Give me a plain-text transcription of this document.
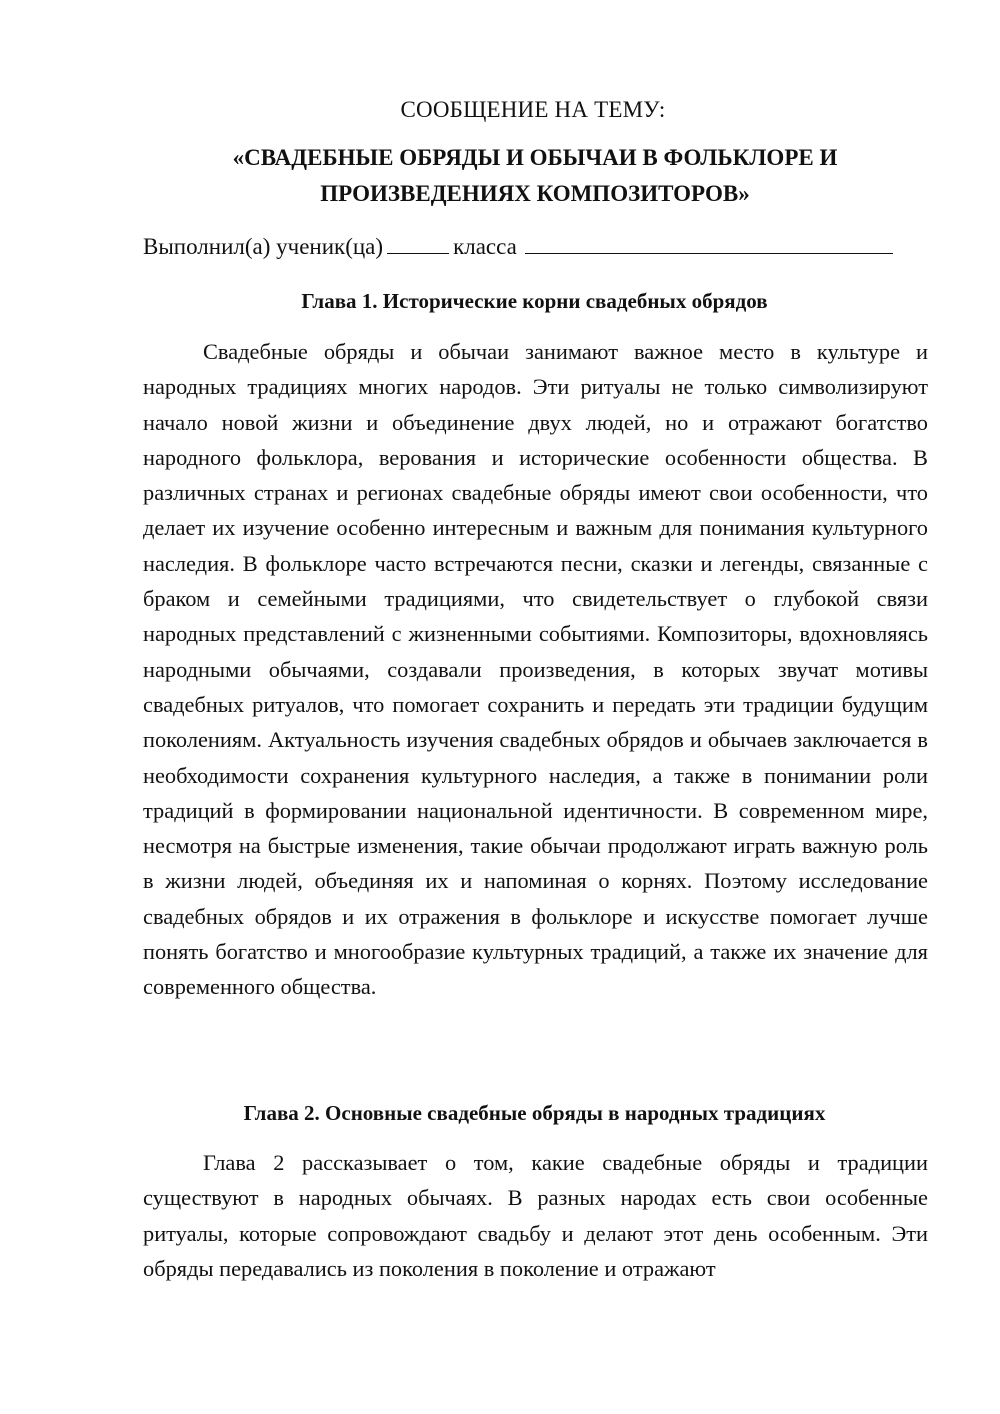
СООБЩЕНИЕ НА ТЕМУ:
«СВАДЕБНЫЕ ОБРЯДЫ И ОБЫЧАИ В ФОЛЬКЛОРЕ И ПРОИЗВЕДЕНИЯХ КОМПОЗИТОРОВ»
Выполнил(а) ученик(ца)	класса
Глава 1. Исторические корни свадебных обрядов

Свадебные обряды и обычаи занимают важное место в культуре и народных традициях многих народов. Эти ритуалы не только символизируют начало новой жизни и объединение двух людей, но и отражают богатство народного фольклора, верования и исторические особенности общества. В различных странах и регионах свадебные обряды имеют свои особенности, что делает их изучение особенно интересным и важным для понимания культурного наследия. В фольклоре часто встречаются песни, сказки и легенды, связанные с браком и семейными традициями, что свидетельствует о глубокой связи народных представлений с жизненными событиями. Композиторы, вдохновляясь народными обычаями, создавали произведения, в которых звучат мотивы свадебных ритуалов, что помогает сохранить и передать эти традиции будущим поколениям. Актуальность изучения свадебных обрядов и обычаев заключается в необходимости сохранения культурного наследия, а также в понимании роли традиций в формировании национальной идентичности. В современном мире, несмотря на быстрые изменения, такие обычаи продолжают играть важную роль в жизни людей, объединяя их и напоминая о корнях. Поэтому исследование свадебных обрядов и их отражения в фольклоре и искусстве помогает лучше понять богатство и многообразие культурных традиций, а также их значение для современного общества.

Глава 2. Основные свадебные обряды в народных традициях

Глава 2 рассказывает о том, какие свадебные обряды и традиции существуют в народных обычаях. В разных народах есть свои особенные ритуалы, которые сопровождают свадьбу и делают этот день особенным. Эти обряды передавались из поколения в поколение и отражают
